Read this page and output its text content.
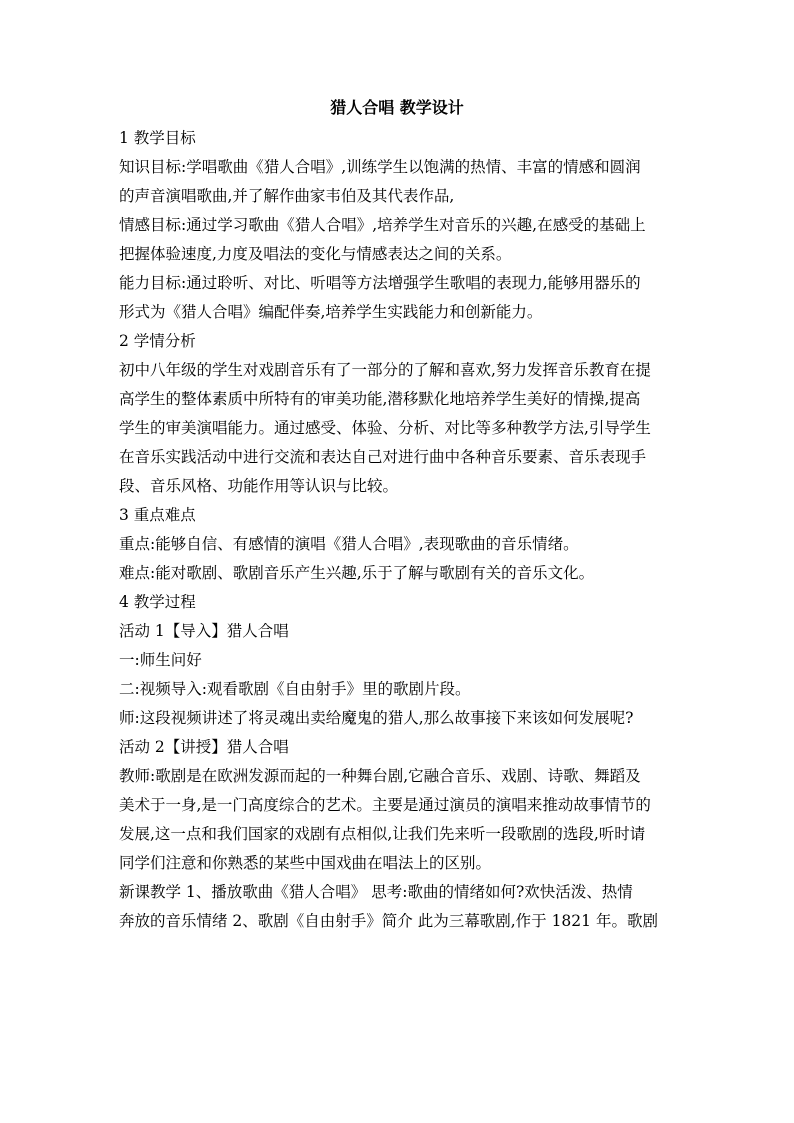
猎人合唱 教学设计
1 教学目标
知识目标:学唱歌曲《猎人合唱》,训练学生以饱满的热情、丰富的情感和圆润
的声音演唱歌曲,并了解作曲家韦伯及其代表作品,
情感目标:通过学习歌曲《猎人合唱》,培养学生对音乐的兴趣,在感受的基础上
把握体验速度,力度及唱法的变化与情感表达之间的关系。
能力目标:通过聆听、对比、听唱等方法增强学生歌唱的表现力,能够用器乐的
形式为《猎人合唱》编配伴奏,培养学生实践能力和创新能力。
2 学情分析
初中八年级的学生对戏剧音乐有了一部分的了解和喜欢,努力发挥音乐教育在提
高学生的整体素质中所特有的审美功能,潜移默化地培养学生美好的情操,提高
学生的审美演唱能力。通过感受、体验、分析、对比等多种教学方法,引导学生
在音乐实践活动中进行交流和表达自己对进行曲中各种音乐要素、音乐表现手
段、音乐风格、功能作用等认识与比较。
3 重点难点
重点:能够自信、有感情的演唱《猎人合唱》,表现歌曲的音乐情绪。
难点:能对歌剧、歌剧音乐产生兴趣,乐于了解与歌剧有关的音乐文化。
4 教学过程
活动 1【导入】猎人合唱
一:师生问好
二:视频导入:观看歌剧《自由射手》里的歌剧片段。
师:这段视频讲述了将灵魂出卖给魔鬼的猎人,那么故事接下来该如何发展呢?
活动 2【讲授】猎人合唱
教师:歌剧是在欧洲发源而起的一种舞台剧,它融合音乐、戏剧、诗歌、舞蹈及
美术于一身,是一门高度综合的艺术。主要是通过演员的演唱来推动故事情节的
发展,这一点和我们国家的戏剧有点相似,让我们先来听一段歌剧的选段,听时请
同学们注意和你熟悉的某些中国戏曲在唱法上的区别。
新课教学 1、播放歌曲《猎人合唱》 思考:歌曲的情绪如何?欢快活泼、热情
奔放的音乐情绪 2、歌剧《自由射手》简介 此为三幕歌剧,作于 1821 年。歌剧
